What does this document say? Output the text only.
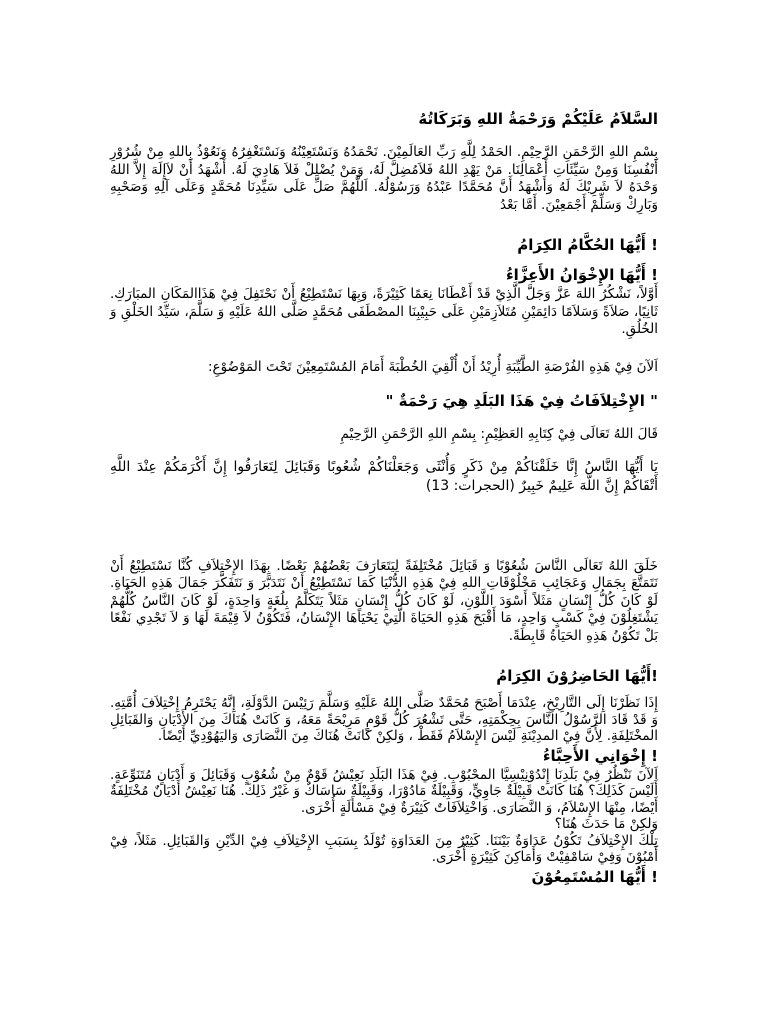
السَّلاَمُ عَلَيْكُمْ وَرَحْمَةُ اللهِ وَبَرَكَاتُهُ

بِسْمِ اللهِ الرَّحْمَنِ الرَّحِيْمِ. الحَمْدُ لِلَّهِ رَبِّ العَالَمِيْنَ. نَحْمَدُهُ وَنَسْتَعِيْنُهُ وَنَسْتَغْفِرُهُ وَنَعُوْذُ بِاللهِ مِنْ شُرُوْرِ أَنْفُسِنَا وَمِنْ سَيِّئَاتِ أَعْمَالِنَا. مَنْ يَهْدِ اللهُ فَلاَمُضِلَّ لَهُ، وَمَنْ يُضْلِلْ فَلاَ هَادِيَ لَهُ. أَشْهَدُ أَنْ لاَإِلَهَ إِلاَّ اللهُ وَحْدَهُ لاَ شَرِيْكَ لَهُ وَأَشْهَدُ أَنَّ مُحَمَّدًا عَبْدُهُ وَرَسُوْلُهُ. اَللَّهُمَّ صَلِّ عَلَى سَيِّدِنَا مُحَمَّدٍ وَعَلَى آلِهِ وَصَحْبِهِ وَبَارِكْ وَسَلِّمْ أَجْمَعِيْنَ. أَمَّا بَعْدُ

! أَيُّهَا الحُكَّامُ الكِرَامُ

! أَيُّهَا الإِخْوَانُ الأَعِزَّاءُ

أَوَّلاً، نَشْكُرُ اللهَ عَزَّ وَجَلَّ الَّذِيْ قَدْ أَعْطَانَا نِعَمًا كَثِيْرَةً، وَبِهَا نَسْتَطِيْعُ أَنْ نَحْتَفِلَ فِيْ هَذَاالمَكَانِ المبَارَكِ. ثَانِيًا، صَلاَةً وَسَلاَمًا دَائِمَيْنِ مُتَلاَزِمَيْنِ عَلَى حَبِيْبِنَا المصْطَفَى مُحَمَّدٍ صَلَّى اللهُ عَلَيْهِ وَ سَلَّمَ، سَيِّدُ الخَلْقِ وَ الخُلُقِ.

اَلآنَ فِيْ هَذِهِ الفُرْصَةِ الطَّيِّبَةِ أُرِيْدُ أَنْ أُلْقِيَ الخُطْبَةَ أَمَامَ المُسْتَمِعِيْنَ تَحْتَ المَوْضُوْعِ:

" الإِخْتِلاَفَاتُ فِيْ هَذَا البَلَدِ هِيَ رَحْمَةٌ "

قَالَ اللهُ تَعَالَى فِيْ كِتَابِهِ العَظِيْمِ: بِسْمِ اللهِ الرَّحْمَنِ الرَّحِيْمِ

يَا أَيُّهَا النَّاسُ إِنَّا خَلَقْنَاكُمْ مِنْ ذَكَرٍ وَأُنْثَى وَجَعَلْنَاكُمْ شُعُوبًا وَقَبَائِلَ لِتَعَارَفُوا إِنَّ أَكْرَمَكُمْ عِنْدَ اللَّهِ أَتْقَاكُمْ إِنَّ اللَّهَ عَلِيمٌ خَبِيرٌ (الحجرات: 13)

خَلَقَ اللهُ تَعَالَى النَّاسَ شُعُوْبًا وَ قَبَائِلَ مُخْتَلِفَةً لِيَتَعَارَفَ بَعْضُهُمْ بَعْضًا. بِهَذَا الإِخْتِلاَفِ كُنَّا نَسْتَطِيْعُ أَنْ نَتَمَتَّعَ بِجَمَالِ وَعَجَائِبِ مَخْلُوْقَاتِ اللهِ فِيْ هَذِهِ الدُّنْيَا كَمَا نَسْتَطِيْعُ أَنْ نَتَدَبَّرَ وَ نَتَفَكَّرَ جَمَالَ هَذِهِ الحَيَاةِ. لَوْ كَانَ كُلُّ إِنْسَانٍ مَثَلاً أَسْوَدَ اللَّوْنِ، لَوْ كَانَ كُلُّ إِنْسَانٍ مَثَلاً يَتَكَلَّمُ بِلُغَةٍ وَاحِدَةٍ، لَوْ كَانَ النَّاسُ كُلُّهُمْ يَشْتَغِلُوْنَ فِيْ كَسْبٍ وَاحِدٍ، مَا أَقْبَحَ هَذِهِ الحَيَاةَ الَّتِيْ يَحْيَاهَا الإِنْسَانُ، فَتَكُوْنُ لاَ قِيْمَةَ لَهَا وَ لاَ تَجْدِي نَفْعًا بَلْ تَكُوْنُ هَذِهِ الحَيَاةُ قَابِطَةً.

!أَيُّهَا الحَاضِرُوْنَ الكِرَامُ

إِذَا نَظَرْنَا إِلَى التَّارِيْخِ، عِنْدَمَا أَصْبَحَ مُحَمَّدٌ صَلَّى اللهُ عَلَيْهِ وَسَلَّمَ رَئِيْسَ الدَّوْلَةِ، إِنَّهُ يَحْتَرِمُ إِخْتِلاَفَ أُمَّتِهِ. وَ قَدْ قَادَ الرَّسُوْلُ النَّاسَ بِحِكْمَتِهِ، حَتَّى تَشْعُرَ كُلُّ قَوْمٍ مَرِيْحَةً مَعَهُ، وَ كَانَتْ هُنَاكَ مِنَ الأَدْيَانِ وَالقَبَائِلِ المخْتَلِفَةِ. لِأَنَّ فِيْ المدِيْنَةِ لَيْسَ الإِسْلاَمُ فَقَطْ ، وَلكِنْ كَانَتْ هُنَاكَ مِنَ النَّصَارَى وَاليَهُوْدِيِّ أَيْضًا.

! إِخْوَانِي الأَحِبَّاءُ

اَلآنَ نَنْظُرُ فِيْ بَلَدِنَا إِنْدُوْنِيْسِيَّا المحْبُوْبِ. فِيْ هَذَا البَلَدِ نَعِيْشُ قَوْمٌ مِنْ شُعُوْبٍ وَقَبَائِلَ وَ أَدْيَانٍ مُتَنَوِّعَةٍ. أَلَيْسَ كَذَلِكَ؟ هُنَا كَانَتْ قَبِيْلَةٌ جَاوِيٍّ، وَقَبِيْلَةٌ مَادُوْرَا، وَقَبِيْلَةٌ سَاسَاكٌ وَ غَيْرُ ذَلِكَ. هُنَا نَعِيْشُ أَدْيَانٌ مُخْتَلِفَةٌ أَيْضًا، مِنْهَا الإِسْلاَمُ، وَ النَّصَارَى. وَاخْتِلاَفَاتٌ كَثِيْرَةٌ فِيْ مَسْأَلَةٍ أُخْرَى.

وَلكِنْ مَا حَدَثَ هُنَا؟

تِلْكَ الإِخْتِلاَفُ تَكُوْنُ عَدَاوَةٌ بَيْنَنَا. كَثِيْرٌ مِنَ العَدَاوَةِ تُوْلَدُ بِسَبَبِ الإِخْتِلاَفِ فِيْ الدِّيْنِ وَالقَبَائِلِ. مَثَلاً، فِيْ أَمْبُوْنَ وَفِيْ سَامْفِيْتْ وَأَمَاكِنَ كَثِيْرَةٍ أُخْرَى.

! أَيُّهَا المُسْتَمِعُوْنَ
